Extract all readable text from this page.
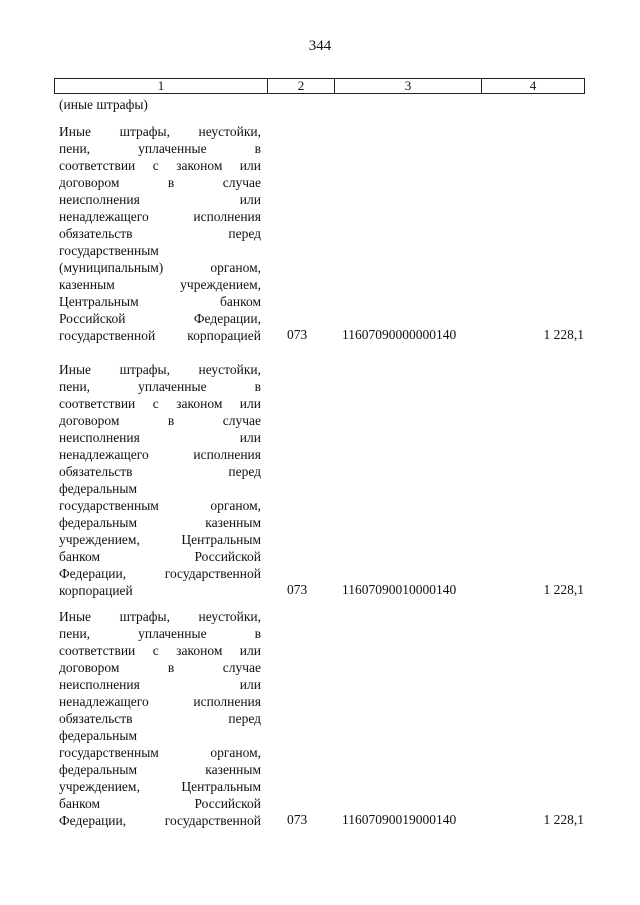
344
1	2	3	4
(иные штрафы)
Иные штрафы, неустойки,
пени, уплаченные в
соответствии с законом или
договором в случае
неисполнения или
ненадлежащего исполнения
обязательств перед
государственным
(муниципальным) органом,
казенным учреждением,
Центральным банком
Российской Федерации,
государственной корпорацией 073	11607090000000140	1 228,1
Иные штрафы, неустойки,
пени, уплаченные в
соответствии с законом или
договором в случае
неисполнения или
ненадлежащего исполнения
обязательств перед
федеральным
государственным органом,
федеральным казенным
учреждением, Центральным
банком Российской
Федерации, государственной
корпорацией	073	11607090010000140	1 228,1
Иные штрафы, неустойки,
пени, уплаченные в
соответствии с законом или
договором в случае
неисполнения или
ненадлежащего исполнения
обязательств перед
федеральным
государственным органом,
федеральным казенным
учреждением, Центральным
банком Российской
Федерации, государственной 073	11607090019000140	1 228,1
